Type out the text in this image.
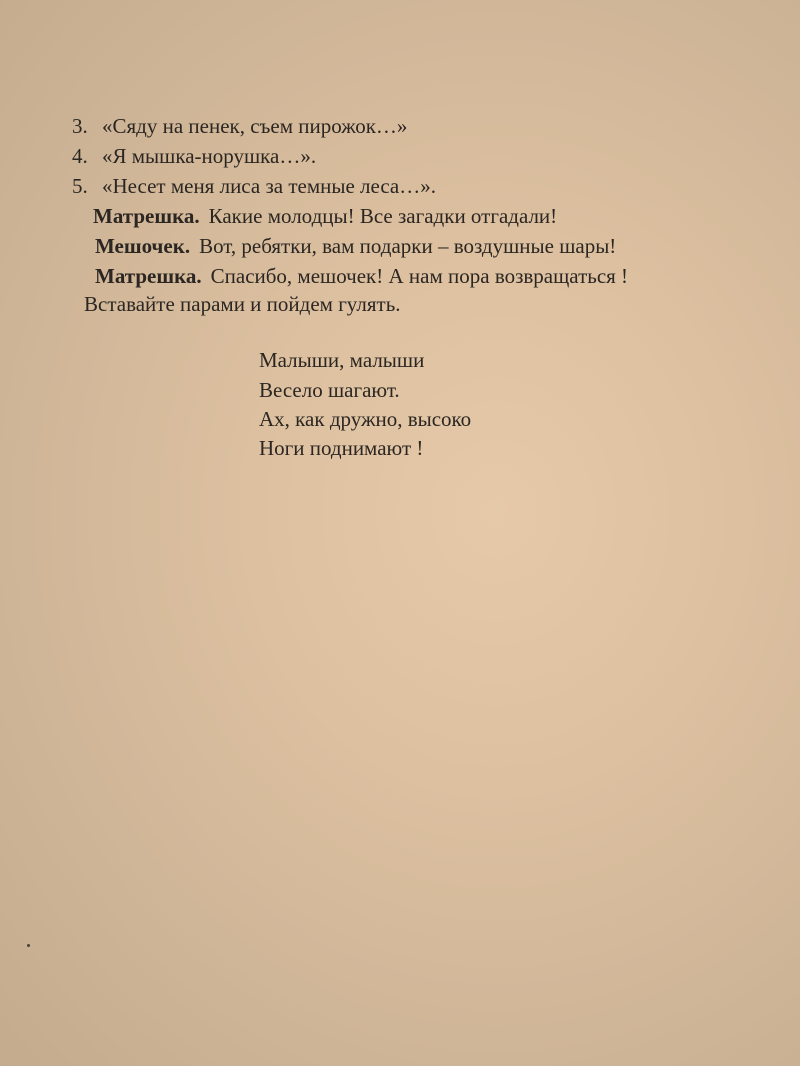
3. «Сяду на пенек, съем пирожок…»
4. «Я мышка-норушка…».
5. «Несет меня лиса за темные леса…».
Матрешка. Какие молодцы! Все загадки отгадали!
Мешочек. Вот, ребятки, вам подарки – воздушные шары!
Матрешка. Спасибо, мешочек! А нам пора возвращаться !
Вставайте парами и пойдем гулять.
Малыши, малыши
Весело шагают.
Ах, как дружно, высоко
Ноги поднимают !
